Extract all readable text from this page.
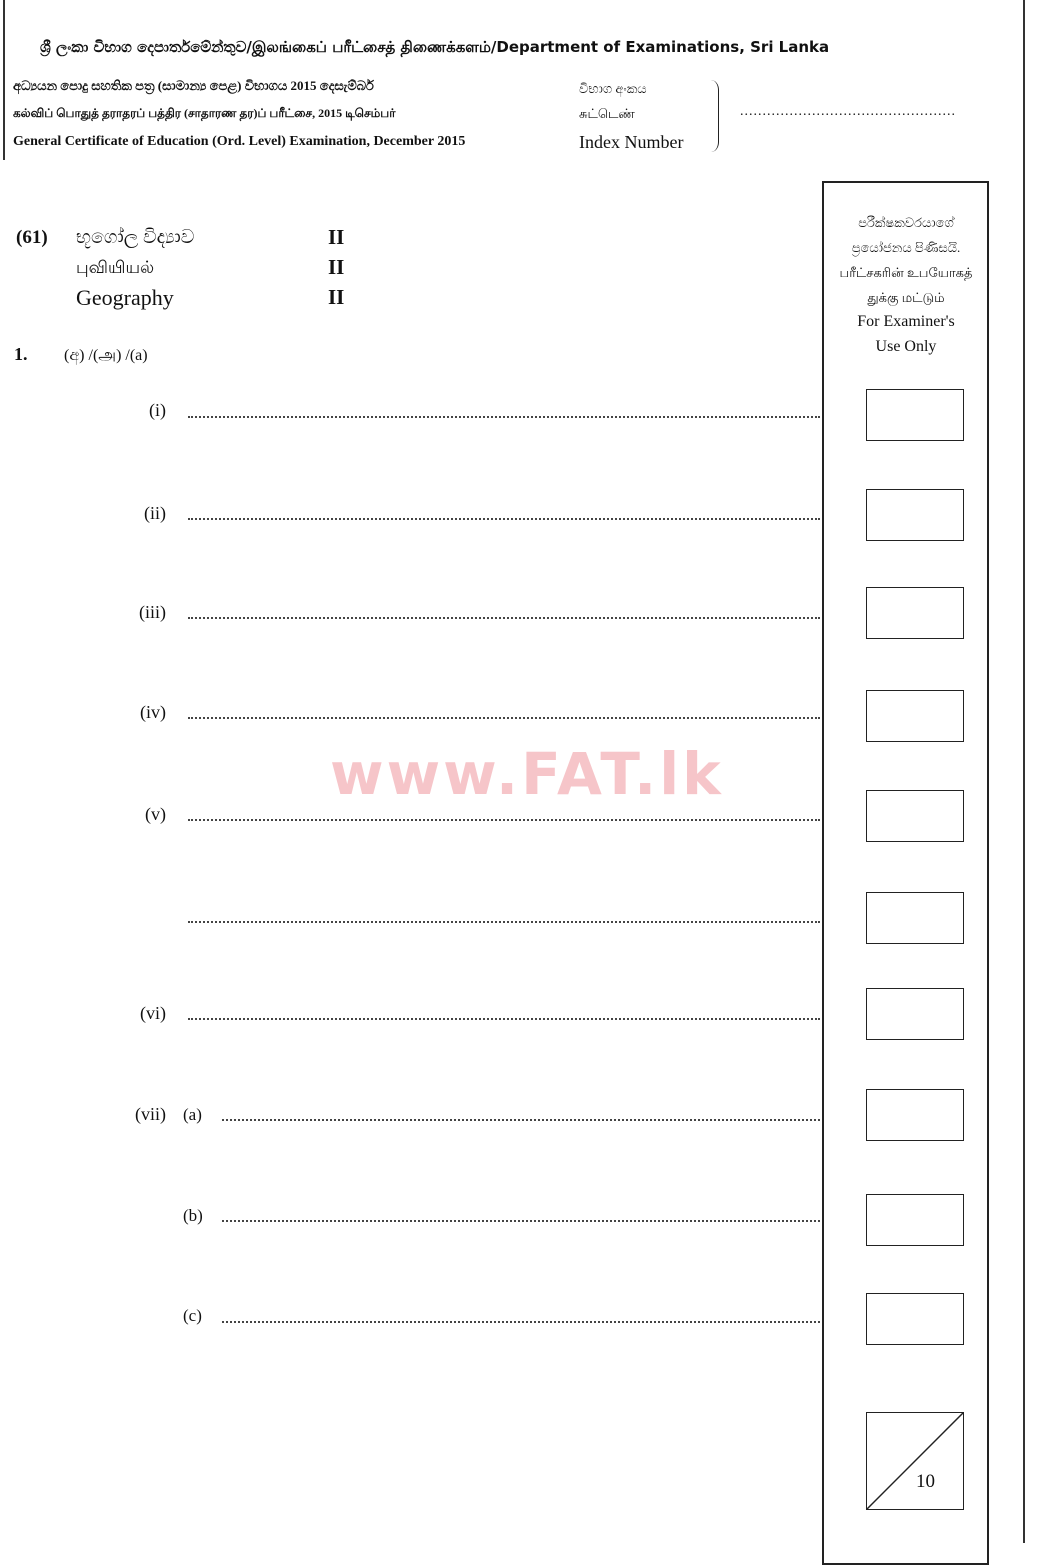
ශ්‍රී ලංකා විභාග දෙපාර්තමේන්තුව/இலங்கைப் பரீட்சைத் திணைக்களம்/Department of Examinations, Sri Lanka
අධ්‍යයන පොදු සහතික පත්‍ර (සාමාන්‍ය පෙළ) විභාගය 2015 දෙසැම්බර්
கல்விப் பொதுத் தராதரப் பத்திர (சாதாரண தர)ப் பரீட்சை, 2015 டிசெம்பர்
General Certificate of Education (Ord. Level) Examination, December 2015
විභාග අංකය
சுட்டெண்
Index Number
................................................
(61) භූගෝල විද්‍යාව
புவியியல்
Geography
II
II
II
පරීක්ෂකවරයාගේ
ප්‍රයෝජනය පිණිසයි.
பரீட்சகரின் உபயோகத்
துக்கு மட்டும்
For Examiner's
Use Only
10
www.FAT.lk
1. (අ) /(அ) /(a)
(i)
(ii)
(iii)
(iv)
(v)
(vi)
(vii) (a)
(b)
(c)
